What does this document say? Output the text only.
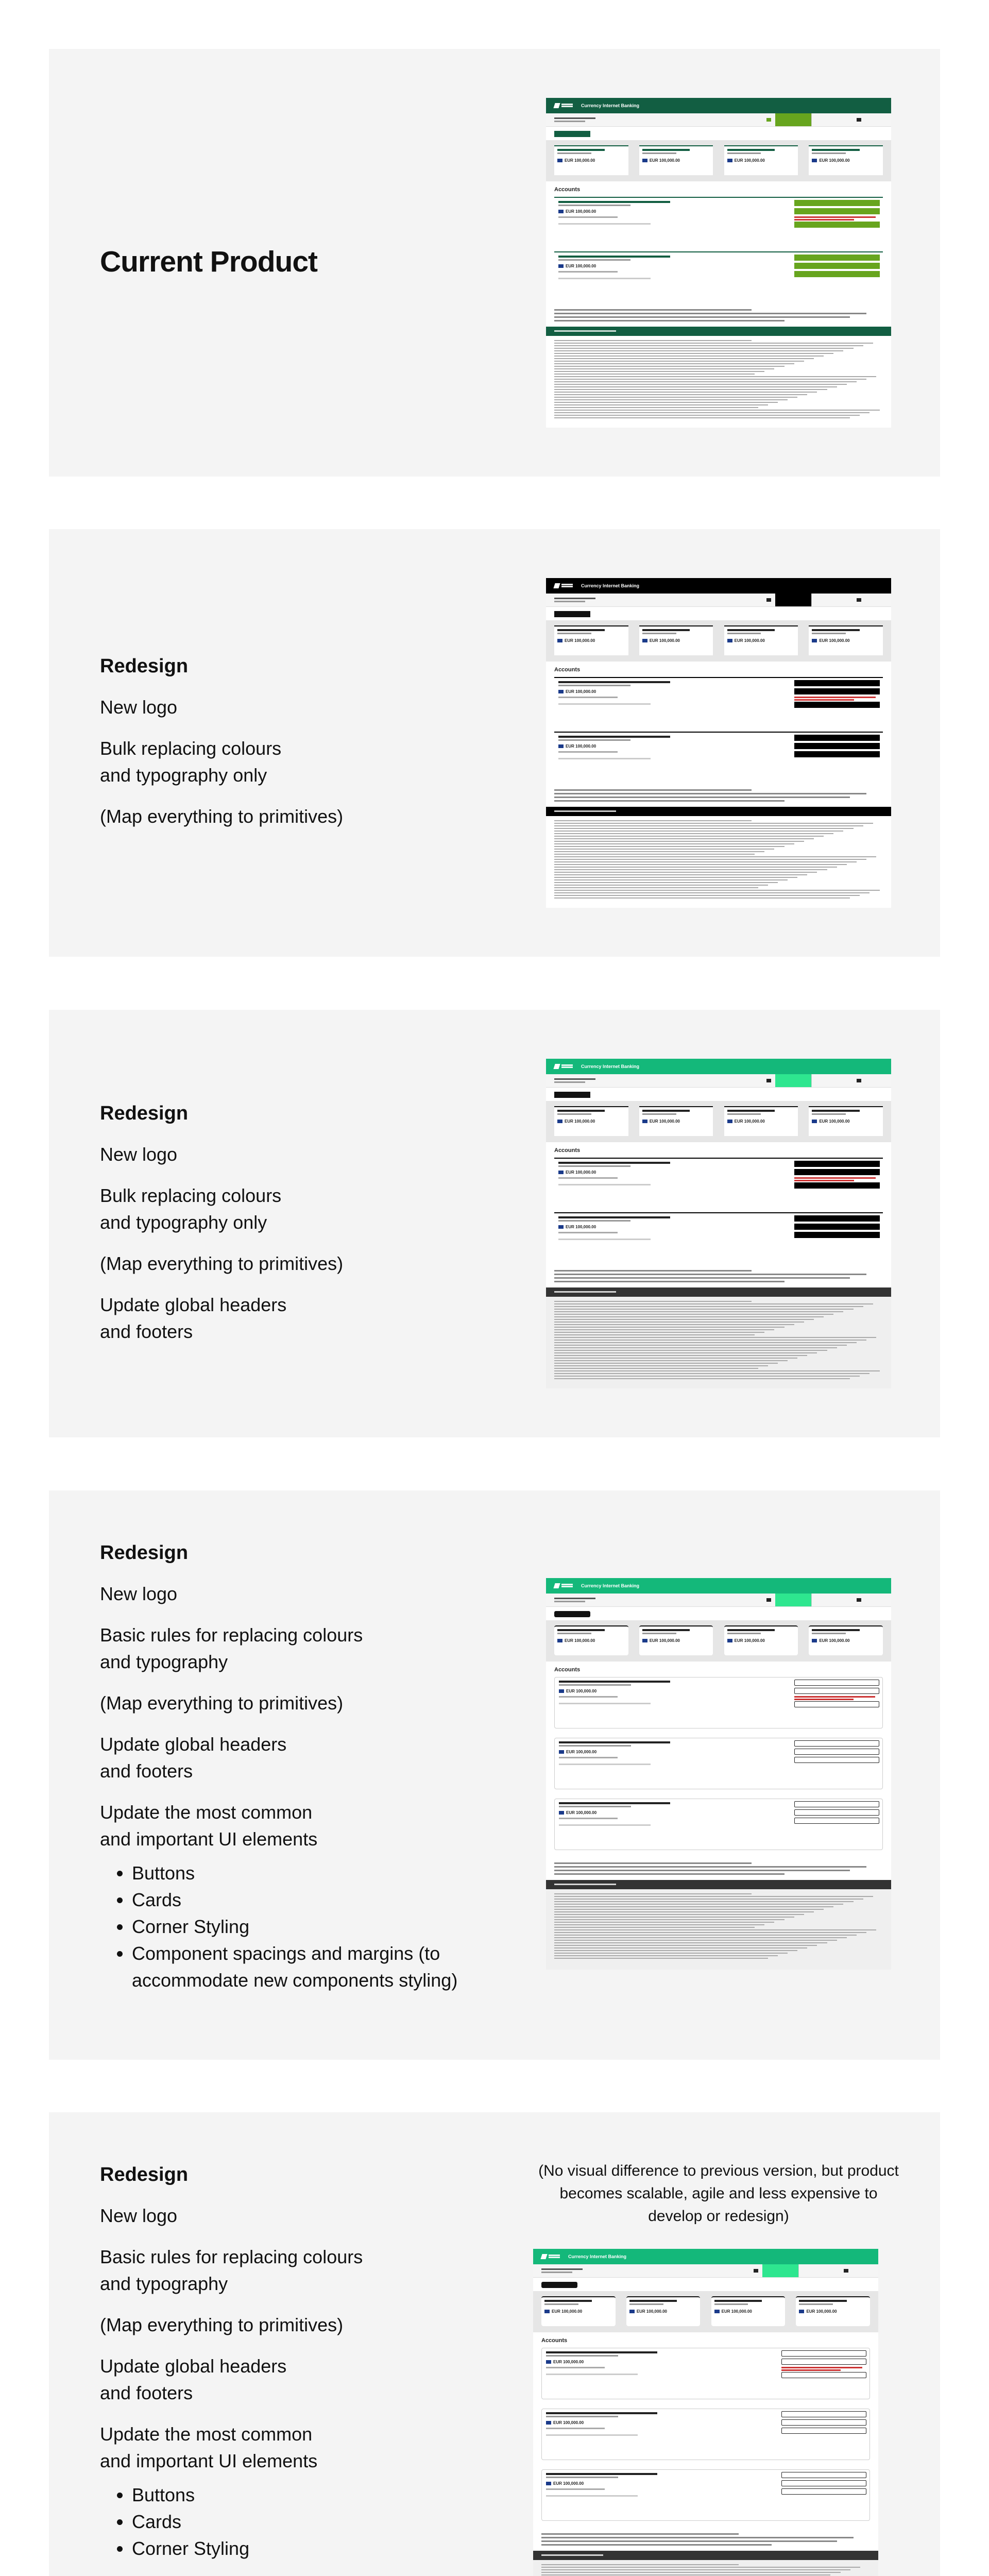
Current Product
Currency Internet Banking
EUR 100,000.00	EUR 100,000.00	EUR 100,000.00	EUR 100,000.00
Accounts
EUR 100,000.00
EUR 100,000.00
Redesign
New logo
Bulk replacing colours
and typography only
(Map everything to primitives)
Currency Internet Banking
EUR 100,000.00	EUR 100,000.00	EUR 100,000.00	EUR 100,000.00
Accounts
EUR 100,000.00
EUR 100,000.00
Redesign
New logo
Bulk replacing colours
and typography only
(Map everything to primitives)
Update global headers
and footers
Currency Internet Banking
EUR 100,000.00	EUR 100,000.00	EUR 100,000.00	EUR 100,000.00
Accounts
EUR 100,000.00
EUR 100,000.00
Redesign
New logo
Basic rules for replacing colours
and typography
(Map everything to primitives)
Update global headers
and footers
Update the most common
and important UI elements
• Buttons
• Cards
• Corner Styling
• Component spacings and margins (to
accommodate new components styling)
Currency Internet Banking
EUR 100,000.00	EUR 100,000.00	EUR 100,000.00	EUR 100,000.00
Accounts
EUR 100,000.00
EUR 100,000.00
EUR 100,000.00
Redesign
New logo
Basic rules for replacing colours
and typography
(Map everything to primitives)
Update global headers
and footers
Update the most common
and important UI elements
• Buttons
• Cards
• Corner Styling
(No visual difference to previous version, but product
becomes scalable, agile and less expensive to
develop or redesign)
Currency Internet Banking
EUR 100,000.00	EUR 100,000.00	EUR 100,000.00	EUR 100,000.00
Accounts
EUR 100,000.00
EUR 100,000.00
EUR 100,000.00
